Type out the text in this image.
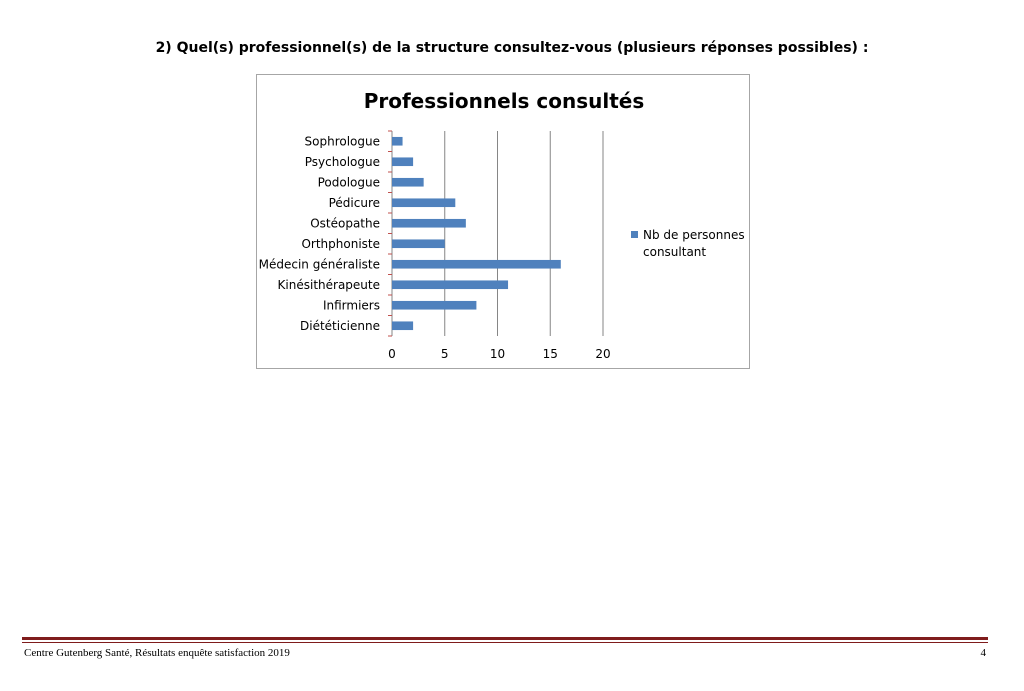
2) Quel(s) professionnel(s) de la structure consultez-vous (plusieurs réponses possibles) :
Professionnels consultés
Diététicienne
Infirmiers
Kinésithérapeute
Médecin généraliste
Orthphoniste
Ostéopathe
Pédicure
Podologue
Psychologue
Sophrologue
0	5	10	15	20
Nb de personnes consultant
Centre Gutenberg Santé, Résultats enquête satisfaction 2019	4
